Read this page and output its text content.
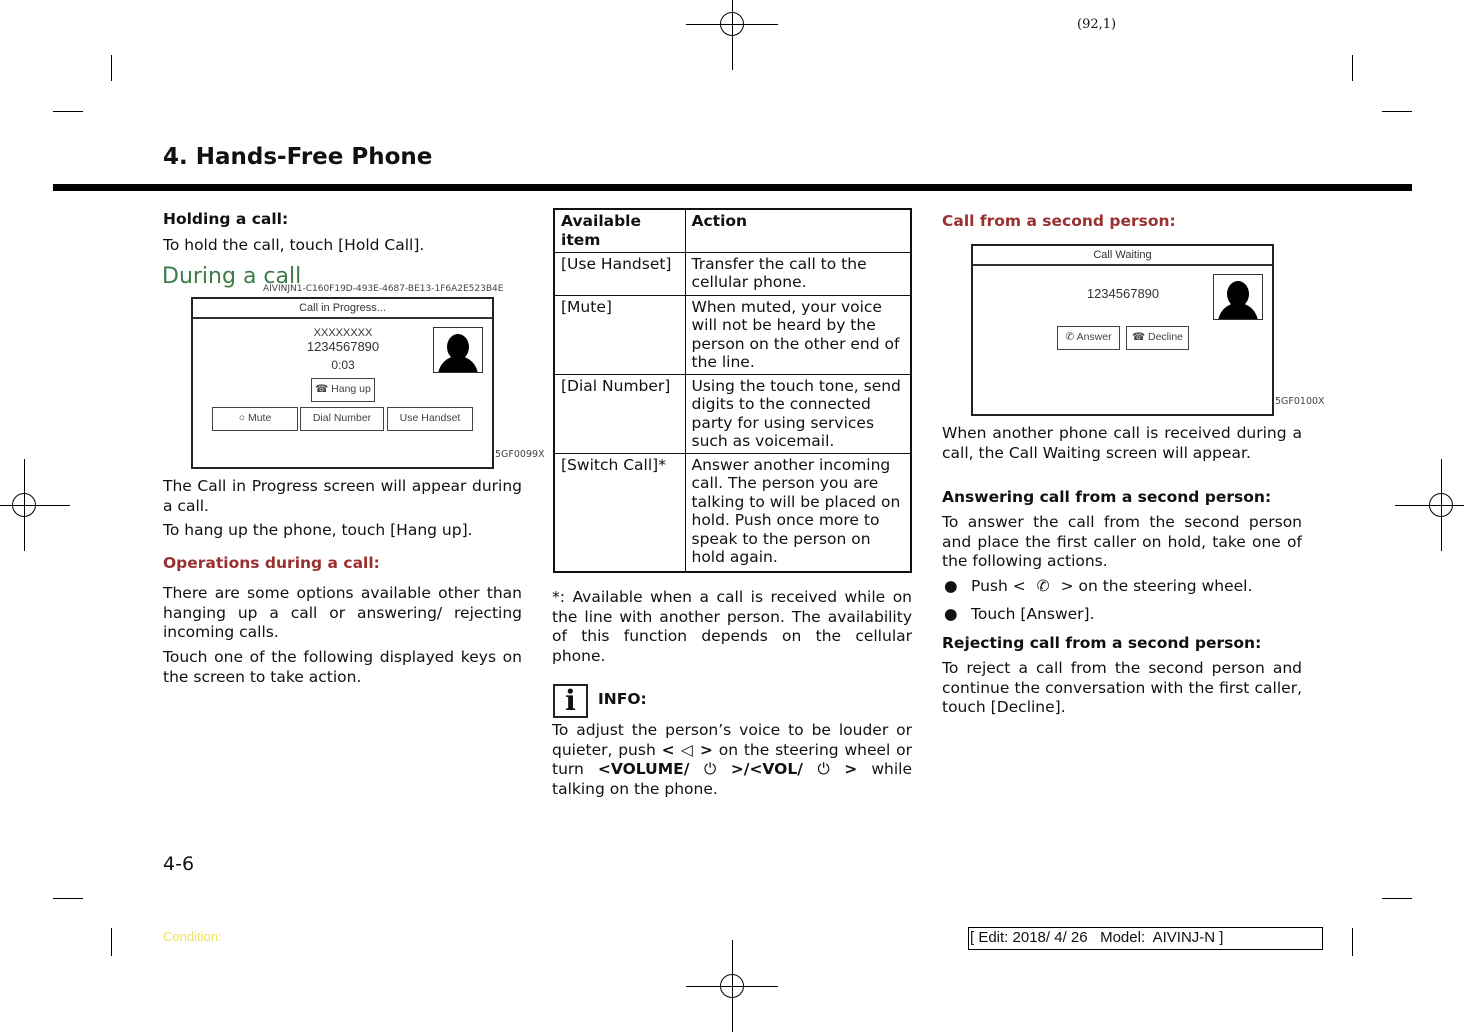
(92,1)
4. Hands-Free Phone
Holding a call:
To hold the call, touch [Hold Call].
During a call
AIVINJN1-C160F19D-493E-4687-BE13-1F6A2E523B4E
Call in Progress...
XXXXXXXX
1234567890
0:03
☎ Hang up
○ Mute	Dial Number	Use Handset
5GF0099X
The Call in Progress screen will appear during a call.
To hang up the phone, touch [Hang up].
Operations during a call:
There are some options available other than hanging up a call or answering/ rejecting incoming calls.
Touch one of the following displayed keys on the screen to take action.
Available item	Action
[Use Handset]	Transfer the call to the cellular phone.
[Mute]	When muted, your voice will not be heard by the person on the other end of the line.
[Dial Number]	Using the touch tone, send digits to the connected party for using services such as voicemail.
[Switch Call]*	Answer another incoming call. The person you are talking to will be placed on hold. Push once more to speak to the person on hold again.
*: Available when a call is received while on the line with another person. The availability of this function depends on the cellular phone.
i	INFO:
To adjust the person’s voice to be louder or quieter, push < ◁ > on the steering wheel or turn <VOLUME/ ⏻ >/<VOL/ ⏻ > while talking on the phone.
Call from a second person:
Call Waiting
1234567890
✆ Answer	☎ Decline
5GF0100X
When another phone call is received during a call, the Call Waiting screen will appear.
Answering call from a second person:
To answer the call from the second person and place the first caller on hold, take one of the following actions.
● Push < ✆ > on the steering wheel.
● Touch [Answer].
Rejecting call from a second person:
To reject a call from the second person and continue the conversation with the first caller, touch [Decline].
4-6
Condition:	[ Edit: 2018/ 4/ 26   Model:  AIVINJ-N ]
